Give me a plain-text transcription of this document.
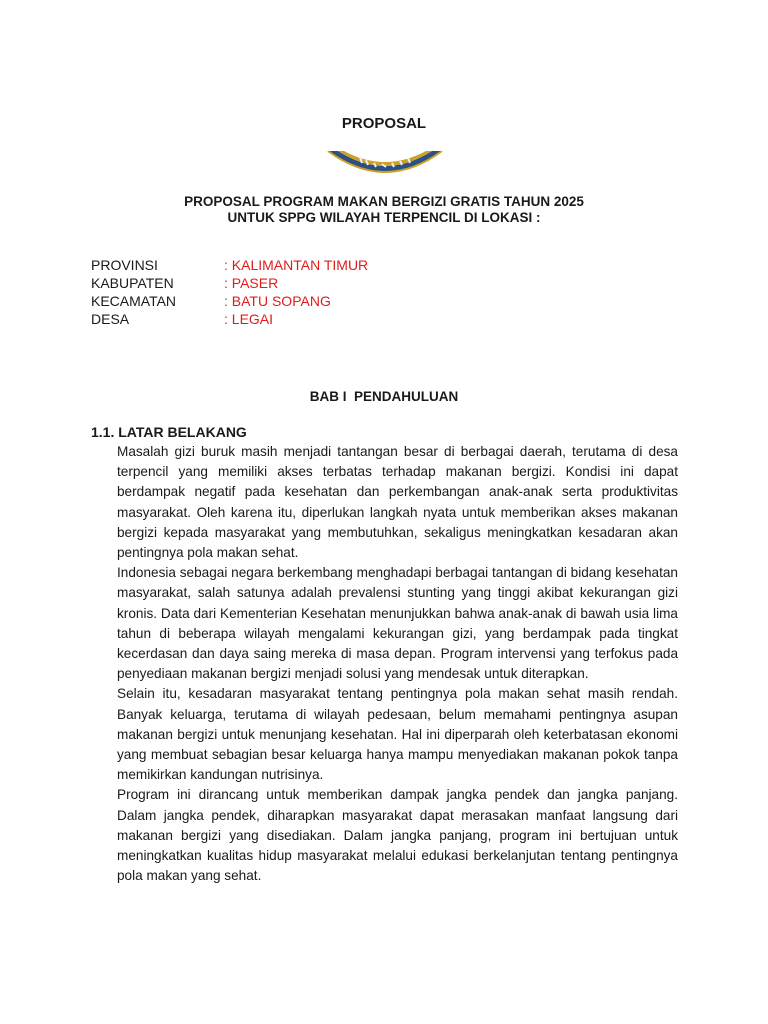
PROPOSAL
PROPOSAL PROGRAM MAKAN BERGIZI GRATIS TAHUN 2025
UNTUK SPPG WILAYAH TERPENCIL DI LOKASI :
PROVINSI	: KALIMANTAN TIMUR
KABUPATEN	: PASER
KECAMATAN	: BATU SOPANG
DESA	: LEGAI
BAB I  PENDAHULUAN
1.1. LATAR BELAKANG

Masalah gizi buruk masih menjadi tantangan besar di berbagai daerah, terutama di desa terpencil yang memiliki akses terbatas terhadap makanan bergizi. Kondisi ini dapat berdampak negatif pada kesehatan dan perkembangan anak-anak serta produktivitas masyarakat. Oleh karena itu, diperlukan langkah nyata untuk memberikan akses makanan bergizi kepada masyarakat yang membutuhkan, sekaligus meningkatkan kesadaran akan pentingnya pola makan sehat.

Indonesia sebagai negara berkembang menghadapi berbagai tantangan di bidang kesehatan masyarakat, salah satunya adalah prevalensi stunting yang tinggi akibat kekurangan gizi kronis. Data dari Kementerian Kesehatan menunjukkan bahwa anak-anak di bawah usia lima tahun di beberapa wilayah mengalami kekurangan gizi, yang berdampak pada tingkat kecerdasan dan daya saing mereka di masa depan. Program intervensi yang terfokus pada penyediaan makanan bergizi menjadi solusi yang mendesak untuk diterapkan.

Selain itu, kesadaran masyarakat tentang pentingnya pola makan sehat masih rendah. Banyak keluarga, terutama di wilayah pedesaan, belum memahami pentingnya asupan makanan bergizi untuk menunjang kesehatan. Hal ini diperparah oleh keterbatasan ekonomi yang membuat sebagian besar keluarga hanya mampu menyediakan makanan pokok tanpa memikirkan kandungan nutrisinya.

Program ini dirancang untuk memberikan dampak jangka pendek dan jangka panjang. Dalam jangka pendek, diharapkan masyarakat dapat merasakan manfaat langsung dari makanan bergizi yang disediakan. Dalam jangka panjang, program ini bertujuan untuk meningkatkan kualitas hidup masyarakat melalui edukasi berkelanjutan tentang pentingnya pola makan yang sehat.
